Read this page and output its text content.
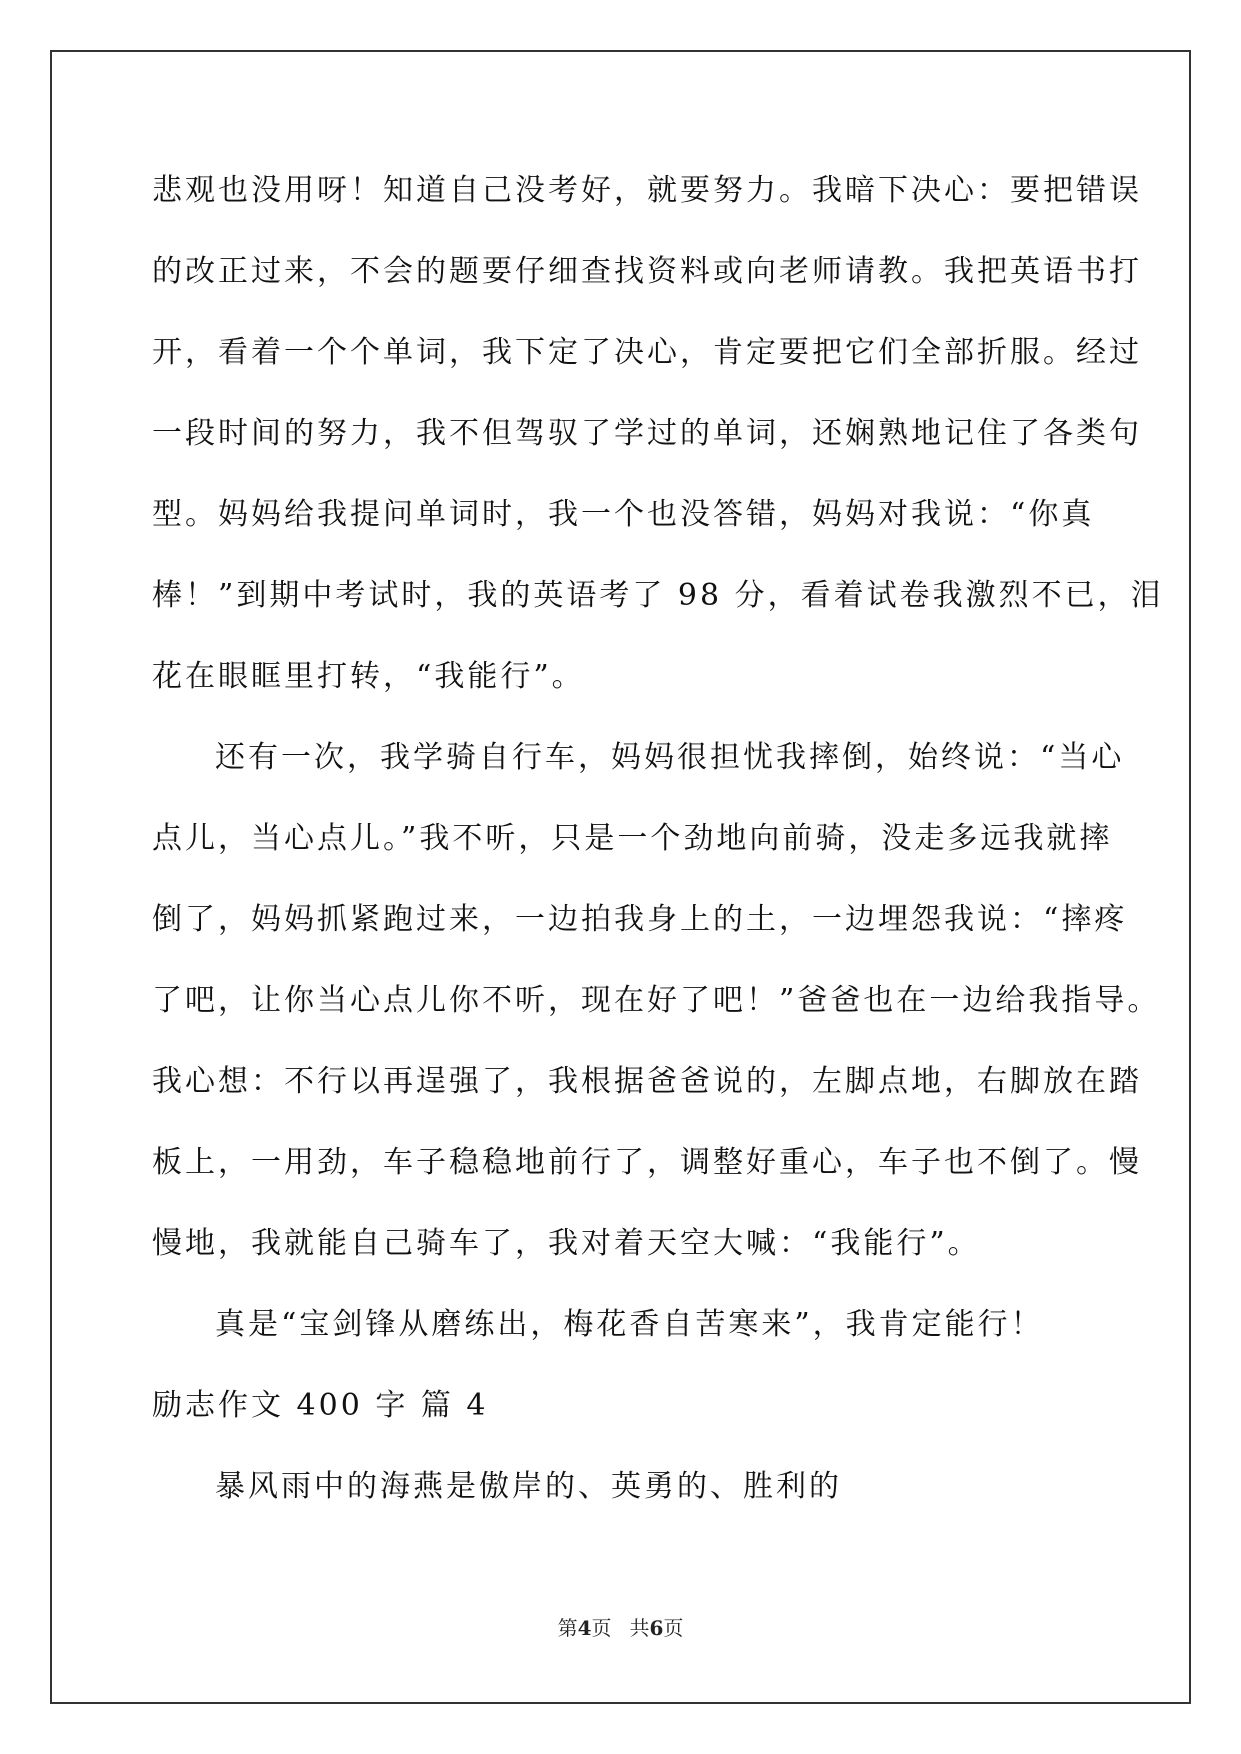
悲观也没用呀！知道自己没考好，就要努力。我暗下决心：要把错误
的改正过来，不会的题要仔细查找资料或向老师请教。我把英语书打
开，看着一个个单词，我下定了决心，肯定要把它们全部折服。经过
一段时间的努力，我不但驾驭了学过的单词，还娴熟地记住了各类句
型。妈妈给我提问单词时，我一个也没答错，妈妈对我说：“你真
棒！”到期中考试时，我的英语考了 98 分，看着试卷我激烈不已，泪
花在眼眶里打转，“我能行”。
还有一次，我学骑自行车，妈妈很担忧我摔倒，始终说：“当心
点儿，当心点儿。”我不听，只是一个劲地向前骑，没走多远我就摔
倒了，妈妈抓紧跑过来，一边拍我身上的土，一边埋怨我说：“摔疼
了吧，让你当心点儿你不听，现在好了吧！”爸爸也在一边给我指导。
我心想：不行以再逞强了，我根据爸爸说的，左脚点地，右脚放在踏
板上，一用劲，车子稳稳地前行了，调整好重心，车子也不倒了。慢
慢地，我就能自己骑车了，我对着天空大喊：“我能行”。
真是“宝剑锋从磨练出，梅花香自苦寒来”，我肯定能行！
励志作文 400 字 篇 4
暴风雨中的海燕是傲岸的、英勇的、胜利的
第4页 共6页
